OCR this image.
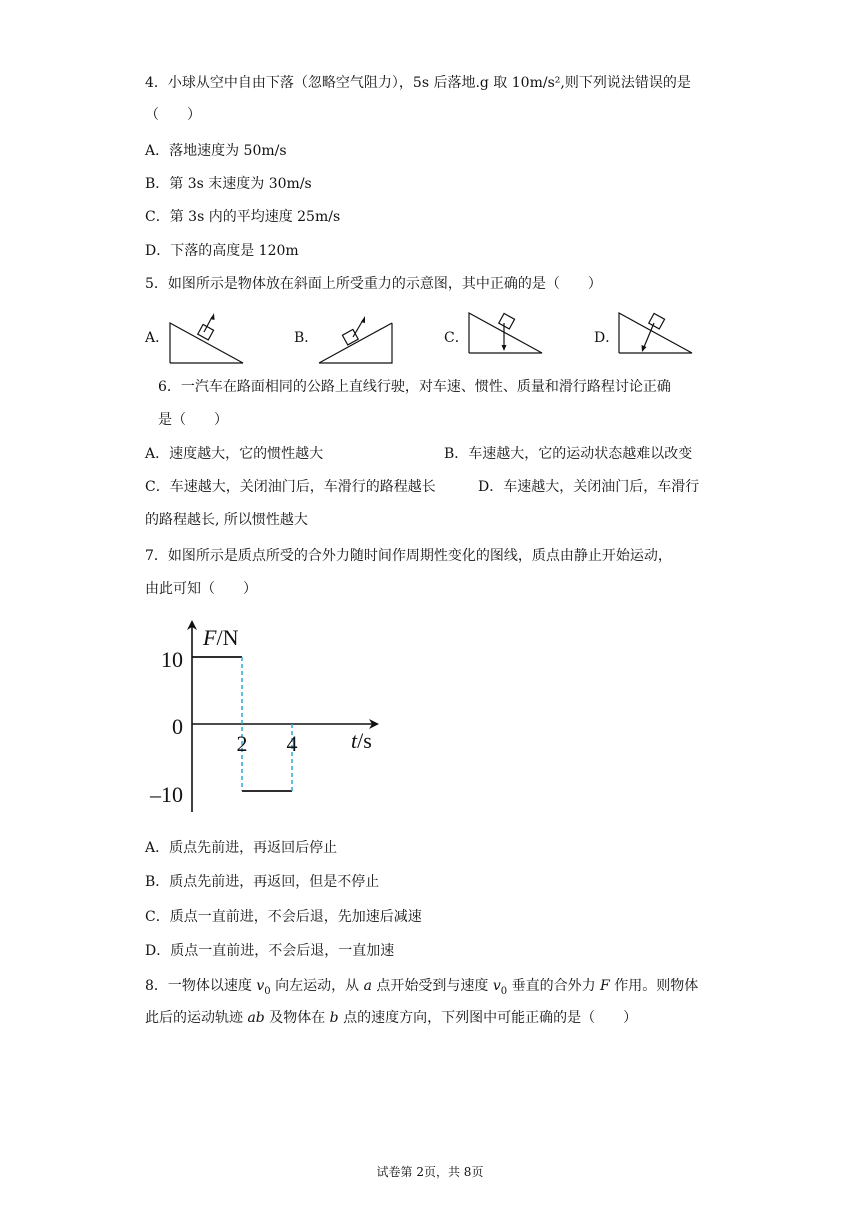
4．小球从空中自由下落（忽略空气阻力），5s 后落地.g 取 10m/s²,则下列说法错误的是
（　　）
A．落地速度为 50m/s
B．第 3s 末速度为 30m/s
C．第 3s 内的平均速度 25m/s
D．下落的高度是 120m
5．如图所示是物体放在斜面上所受重力的示意图，其中正确的是（　　）
A．	B．	C．	D．
6．一汽车在路面相同的公路上直线行驶，对车速、惯性、质量和滑行路程讨论正确
是（　　）
A．速度越大，它的惯性越大	B．车速越大，它的运动状态越难以改变
C．车速越大，关闭油门后，车滑行的路程越长	D．车速越大，关闭油门后，车滑行
的路程越长, 所以惯性越大
7．如图所示是质点所受的合外力随时间作周期性变化的图线，质点由静止开始运动，
由此可知（　　）
F/N
t/s
10
0
–10
2 4
A．质点先前进，再返回后停止
B．质点先前进，再返回，但是不停止
C．质点一直前进，不会后退，先加速后减速
D．质点一直前进，不会后退，一直加速
8．一物体以速度 $v_0$ 向左运动，从 a 点开始受到与速度 $v_0$ 垂直的合外力 F 作用。则物体
此后的运动轨迹 ab 及物体在 b 点的速度方向，下列图中可能正确的是（　　）
试卷第 2页，共 8页
